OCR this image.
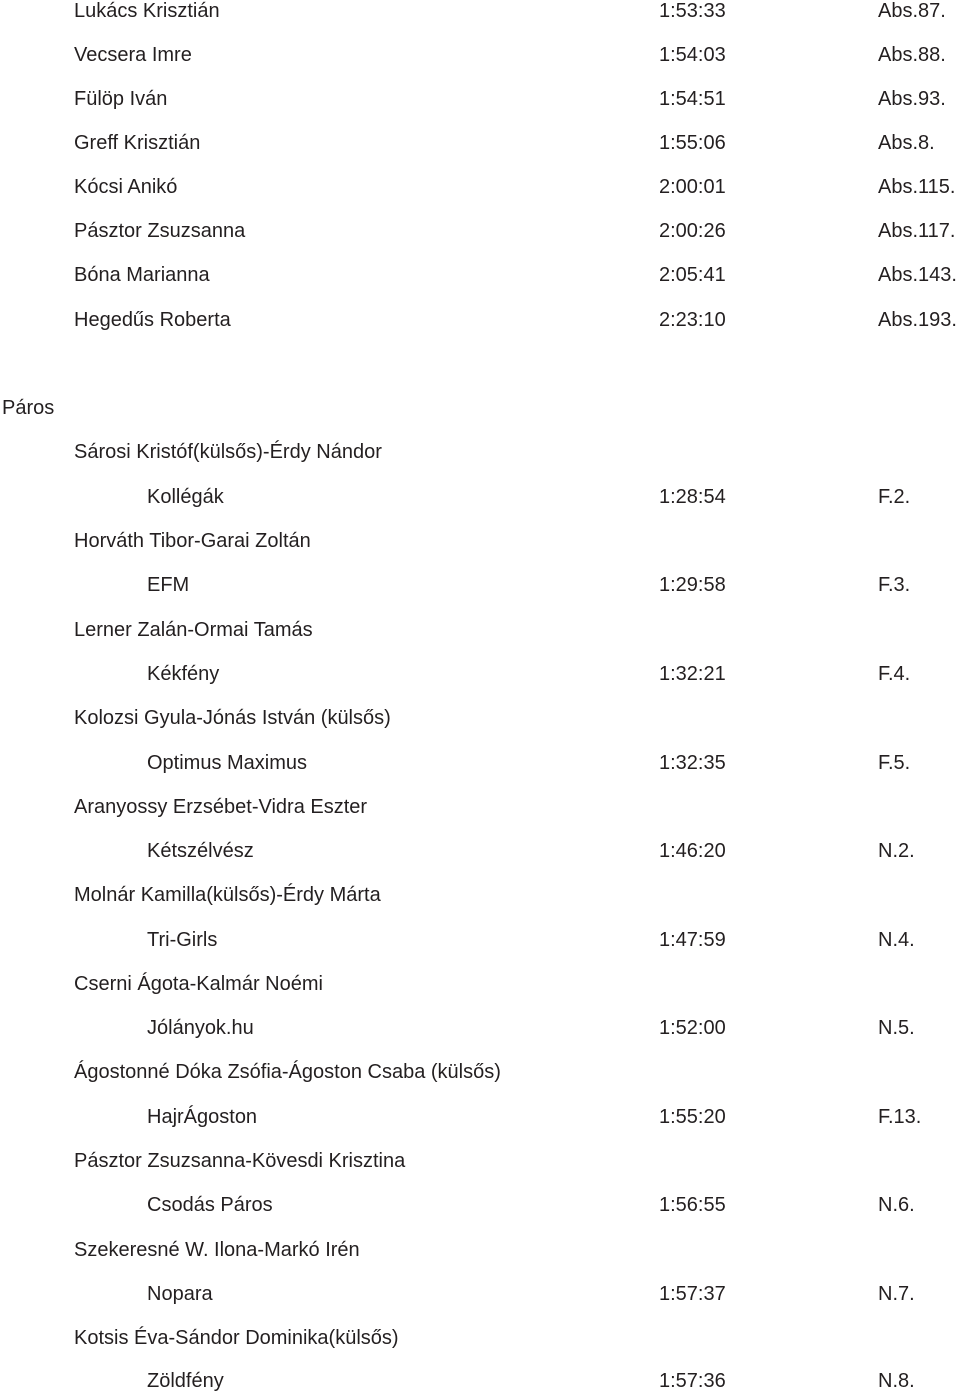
Lukács Krisztián	1:53:33	Abs.87.
Vecsera Imre	1:54:03	Abs.88.
Fülöp Iván	1:54:51	Abs.93.
Greff Krisztián	1:55:06	Abs.8.
Kócsi Anikó	2:00:01	Abs.115.
Pásztor Zsuzsanna	2:00:26	Abs.117.
Bóna Marianna	2:05:41	Abs.143.
Hegedűs Roberta	2:23:10	Abs.193.
Páros
Sárosi Kristóf(külsős)-Érdy Nándor
Kollégák	1:28:54	F.2.
Horváth Tibor-Garai Zoltán
EFM	1:29:58	F.3.
Lerner Zalán-Ormai Tamás
Kékfény	1:32:21	F.4.
Kolozsi Gyula-Jónás István (külsős)
Optimus Maximus	1:32:35	F.5.
Aranyossy Erzsébet-Vidra Eszter
Kétszélvész	1:46:20	N.2.
Molnár Kamilla(külsős)-Érdy Márta
Tri-Girls	1:47:59	N.4.
Cserni Ágota-Kalmár Noémi
Jólányok.hu	1:52:00	N.5.
Ágostonné Dóka Zsófia-Ágoston Csaba (külsős)
HajrÁgoston	1:55:20	F.13.
Pásztor Zsuzsanna-Kövesdi Krisztina
Csodás Páros	1:56:55	N.6.
Szekeresné W. Ilona-Markó Irén
Nopara	1:57:37	N.7.
Kotsis Éva-Sándor Dominika(külsős)
Zöldfény	1:57:36	N.8.
